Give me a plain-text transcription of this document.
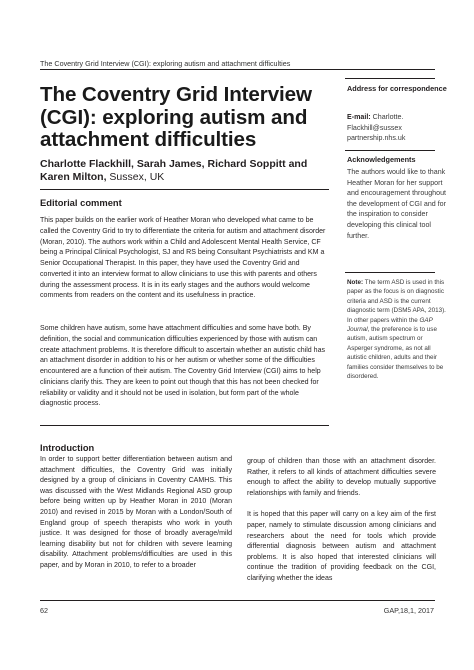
The Coventry Grid Interview (CGI): exploring autism and attachment difficulties
The Coventry Grid Interview (CGI): exploring autism and attachment difficulties
Charlotte Flackhill, Sarah James, Richard Soppitt and Karen Milton, Sussex, UK
Editorial comment

This paper builds on the earlier work of Heather Moran who developed what came to be called the Coventry Grid to try to differentiate the criteria for autism and attachment disorder (Moran, 2010). The authors work within a Child and Adolescent Mental Health Service, CF being a Principal Clinical Psychologist, SJ and RS being Consultant Psychiatrists and KM a Senior Occupational Therapist. In this paper, they have used the Coventry Grid and converted it into an interview format to allow clinicians to use this with parents and others during the assessment process. It is in its early stages and the authors would welcome comments from readers on the content and its usefulness in practice.

Some children have autism, some have attachment difficulties and some have both. By definition, the social and communication difficulties experienced by those with autism can create attachment problems. It is therefore difficult to ascertain whether an autistic child has an attachment disorder in addition to his or her autism or whether some of the difficulties encountered are a function of their autism. The Coventry Grid Interview (CGI) aims to help clinicians clarify this. They are keen to point out though that this has not been checked for reliability or validity and it should not be used in isolation, but form part of the whole diagnostic process.

Address for correspondence
E-mail: Charlotte. Flackhill@sussex partnership.nhs.uk
Acknowledgements
The authors would like to thank Heather Moran for her support and encouragement throughout the development of CGI and for the inspiration to consider developing this clinical tool further.
Note: The term ASD is used in this paper as the focus is on diagnostic criteria and ASD is the current diagnostic term (DSM5 APA, 2013). In other papers within the GAP Journal, the preference is to use autism, autism spectrum or Asperger syndrome, as not all autistic children, adults and their families consider themselves to be disordered.
Introduction

In order to support better differentiation between autism and attachment difficulties, the Coventry Grid was initially designed by a group of clinicians in Coventry CAMHS. This was discussed with the West Midlands Regional ASD group before being written up by Heather Moran in 2010 (Moran 2010) and revised in 2015 by Moran with a London/South of England group of speech therapists who work in youth justice. It was designed for those of broadly average/mild learning disability but not for children with severe learning disability. Attachment problems/difficulties are used in this paper, and by Moran in 2010, to refer to a broader

group of children than those with an attachment disorder. Rather, it refers to all kinds of attachment difficulties severe enough to affect the ability to develop mutually supportive relationships with family and friends.

It is hoped that this paper will carry on a key aim of the first paper, namely to stimulate discussion among clinicians and researchers about the need for tools which provide differential diagnosis between autism and attachment problems. It is also hoped that interested clinicians will continue the tradition of providing feedback on the CGI, clarifying whether the ideas

62	GAP,18,1, 2017
